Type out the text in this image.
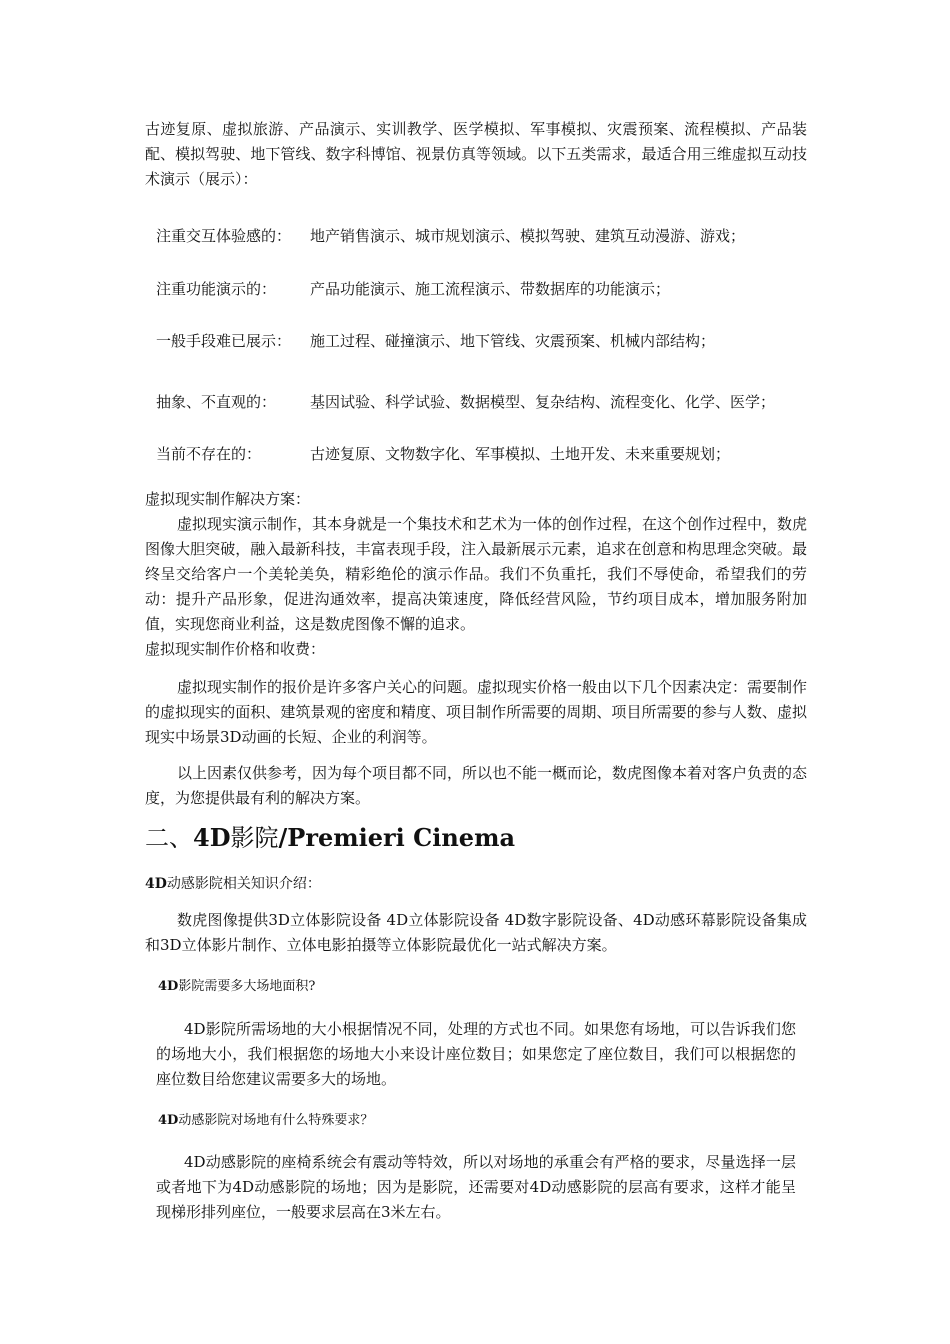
古迹复原、虚拟旅游、产品演示、实训教学、医学模拟、军事模拟、灾震预案、流程模拟、产品装配、模拟驾驶、地下管线、数字科博馆、视景仿真等领域。以下五类需求，最适合用三维虚拟互动技术演示（展示）：

注重交互体验感的：	地产销售演示、城市规划演示、模拟驾驶、建筑互动漫游、游戏；
注重功能演示的：	产品功能演示、施工流程演示、带数据库的功能演示；
一般手段难已展示：	施工过程、碰撞演示、地下管线、灾震预案、机械内部结构；
抽象、不直观的：	基因试验、科学试验、数据模型、复杂结构、流程变化、化学、医学；
当前不存在的：	古迹复原、文物数字化、军事模拟、土地开发、未来重要规划；

虚拟现实制作解决方案：

虚拟现实演示制作，其本身就是一个集技术和艺术为一体的创作过程，在这个创作过程中，数虎图像大胆突破，融入最新科技，丰富表现手段，注入最新展示元素，追求在创意和构思理念突破。最终呈交给客户一个美轮美奂，精彩绝伦的演示作品。我们不负重托，我们不辱使命，希望我们的劳动：提升产品形象，促进沟通效率，提高决策速度，降低经营风险，节约项目成本，增加服务附加值，实现您商业利益，这是数虎图像不懈的追求。

虚拟现实制作价格和收费：

虚拟现实制作的报价是许多客户关心的问题。虚拟现实价格一般由以下几个因素决定：需要制作的虚拟现实的面积、建筑景观的密度和精度、项目制作所需要的周期、项目所需要的参与人数、虚拟现实中场景3D动画的长短、企业的利润等。

以上因素仅供参考，因为每个项目都不同，所以也不能一概而论，数虎图像本着对客户负责的态度，为您提供最有利的解决方案。

二、4D影院/Premieri Cinema

4D动感影院相关知识介绍：

数虎图像提供3D立体影院设备 4D立体影院设备 4D数字影院设备、4D动感环幕影院设备集成和3D立体影片制作、立体电影拍摄等立体影院最优化一站式解决方案。

4D影院需要多大场地面积?

4D影院所需场地的大小根据情况不同，处理的方式也不同。如果您有场地，可以告诉我们您的场地大小，我们根据您的场地大小来设计座位数目；如果您定了座位数目，我们可以根据您的座位数目给您建议需要多大的场地。

4D动感影院对场地有什么特殊要求？

4D动感影院的座椅系统会有震动等特效，所以对场地的承重会有严格的要求，尽量选择一层或者地下为4D动感影院的场地；因为是影院，还需要对4D动感影院的层高有要求，这样才能呈现梯形排列座位，一般要求层高在3米左右。
